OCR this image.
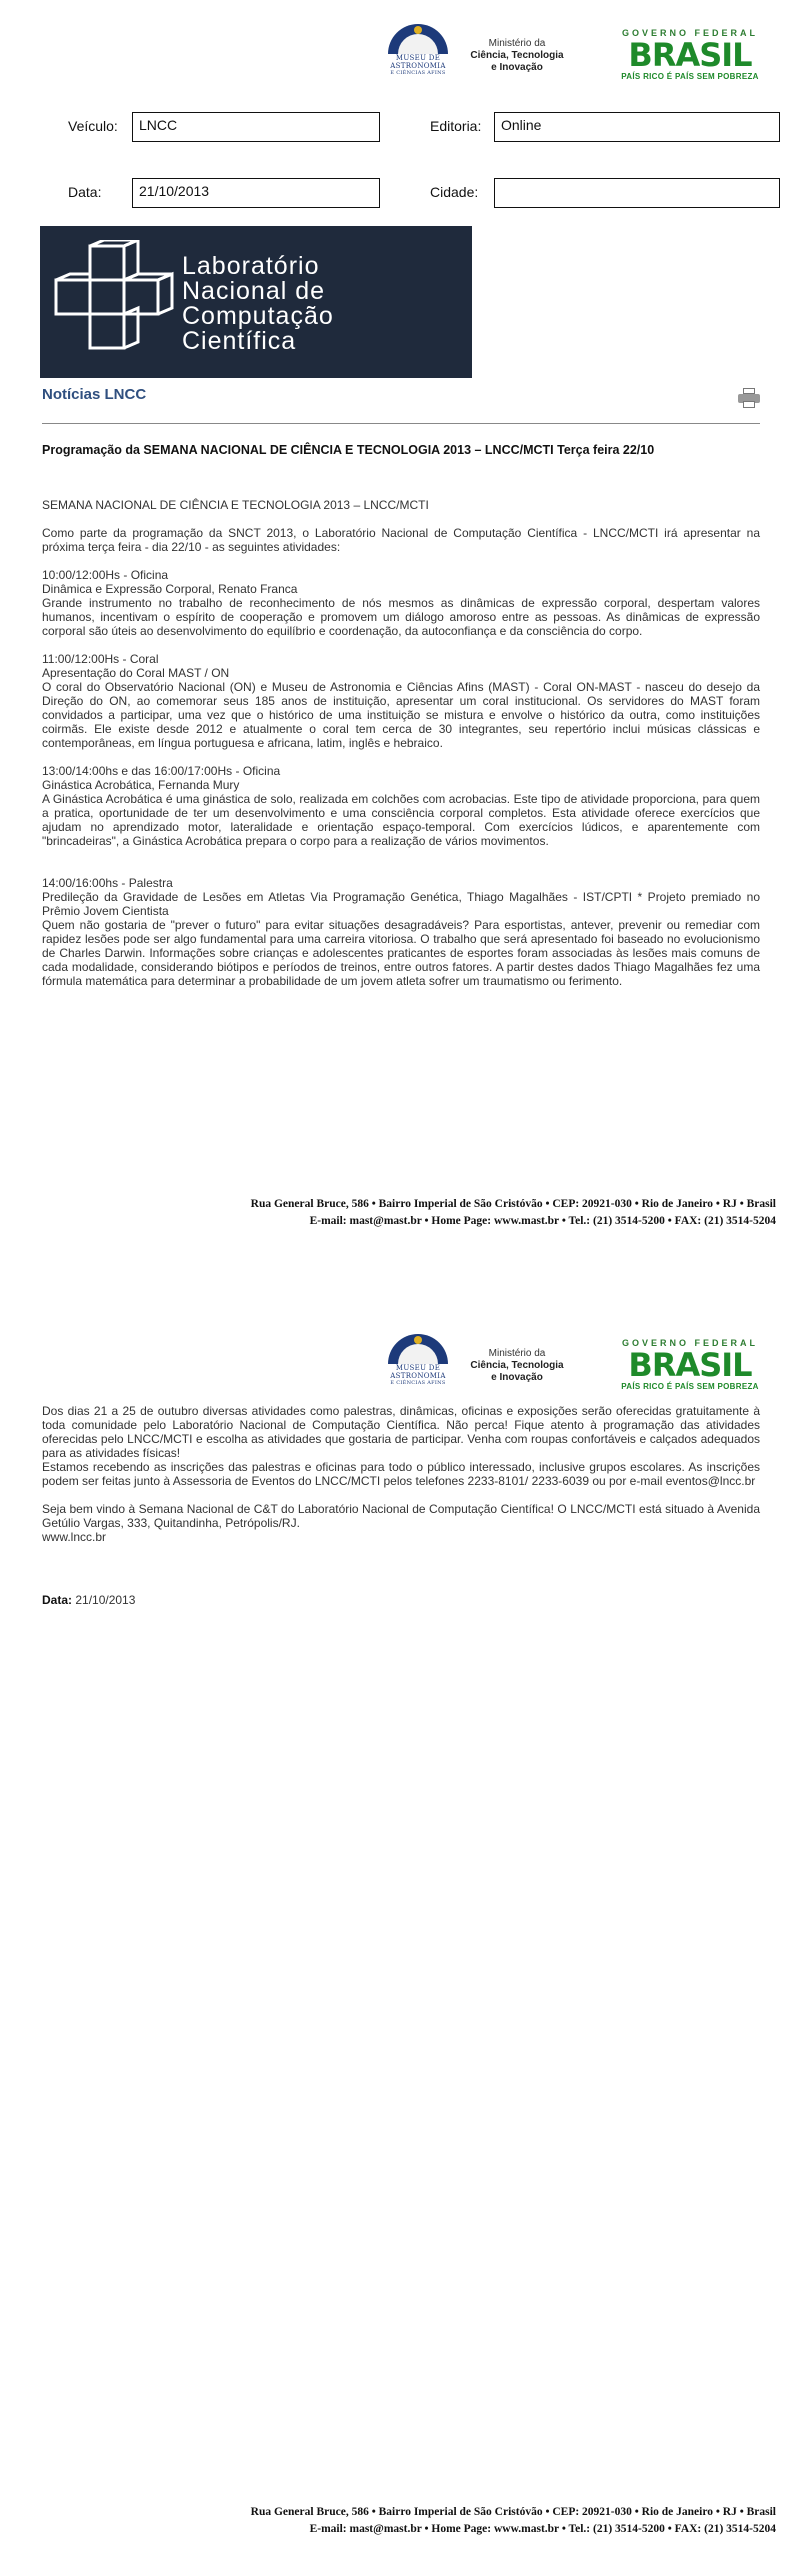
MUSEU DE
ASTRONOMIA
E CIÊNCIAS AFINS
Ministério da
Ciência, Tecnologia
e Inovação
GOVERNO FEDERAL
BRASIL
PAÍS RICO É PAÍS SEM POBREZA
Veículo:	LNCC	Editoria:	Online
Data:	21/10/2013	Cidade:
Laboratório
Nacional de
Computação
Científica
Notícias LNCC
Programação da SEMANA NACIONAL DE CIÊNCIA E TECNOLOGIA 2013 – LNCC/MCTI Terça feira 22/10

SEMANA NACIONAL DE CIÊNCIA E TECNOLOGIA 2013 – LNCC/MCTI

Como parte da programação da SNCT 2013, o Laboratório Nacional de Computação Científica - LNCC/MCTI irá apresentar na próxima terça feira - dia 22/10 - as seguintes atividades:

10:00/12:00Hs - Oficina
Dinâmica e Expressão Corporal, Renato Franca
Grande instrumento no trabalho de reconhecimento de nós mesmos as dinâmicas de expressão corporal, despertam valores humanos, incentivam o espírito de cooperação e promovem um diálogo amoroso entre as pessoas. As dinâmicas de expressão corporal são úteis ao desenvolvimento do equilíbrio e coordenação, da autoconfiança e da consciência do corpo.

11:00/12:00Hs - Coral
Apresentação do Coral MAST / ON
O coral do Observatório Nacional (ON) e Museu de Astronomia e Ciências Afins (MAST) - Coral ON-MAST - nasceu do desejo da Direção do ON, ao comemorar seus 185 anos de instituição, apresentar um coral institucional. Os servidores do MAST foram convidados a participar, uma vez que o histórico de uma instituição se mistura e envolve o histórico da outra, como instituições coirmãs. Ele existe desde 2012 e atualmente o coral tem cerca de 30 integrantes, seu repertório inclui músicas clássicas e contemporâneas, em língua portuguesa e africana, latim, inglês e hebraico.

13:00/14:00hs e das 16:00/17:00Hs - Oficina
Ginástica Acrobática, Fernanda Mury
A Ginástica Acrobática é uma ginástica de solo, realizada em colchões com acrobacias. Este tipo de atividade proporciona, para quem a pratica, oportunidade de ter um desenvolvimento e uma consciência corporal completos. Esta atividade oferece exercícios que ajudam no aprendizado motor, lateralidade e orientação espaço-temporal. Com exercícios lúdicos, e aparentemente com "brincadeiras", a Ginástica Acrobática prepara o corpo para a realização de vários movimentos.

14:00/16:00hs - Palestra
Predileção da Gravidade de Lesões em Atletas Via Programação Genética, Thiago Magalhães - IST/CPTI * Projeto premiado no Prêmio Jovem Cientista
Quem não gostaria de "prever o futuro" para evitar situações desagradáveis? Para esportistas, antever, prevenir ou remediar com rapidez lesões pode ser algo fundamental para uma carreira vitoriosa. O trabalho que será apresentado foi baseado no evolucionismo de Charles Darwin. Informações sobre crianças e adolescentes praticantes de esportes foram associadas às lesões mais comuns de cada modalidade, considerando biótipos e períodos de treinos, entre outros fatores. A partir destes dados Thiago Magalhães fez uma fórmula matemática para determinar a probabilidade de um jovem atleta sofrer um traumatismo ou ferimento.

Rua General Bruce, 586 • Bairro Imperial de São Cristóvão • CEP: 20921-030 • Rio de Janeiro • RJ • Brasil
E-mail: mast@mast.br • Home Page: www.mast.br • Tel.: (21) 3514-5200 • FAX: (21) 3514-5204
MUSEU DE
ASTRONOMIA
E CIÊNCIAS AFINS
Ministério da
Ciência, Tecnologia
e Inovação
GOVERNO FEDERAL
BRASIL
PAÍS RICO É PAÍS SEM POBREZA

Dos dias 21 a 25 de outubro diversas atividades como palestras, dinâmicas, oficinas e exposições serão oferecidas gratuitamente à toda comunidade pelo Laboratório Nacional de Computação Científica. Não perca! Fique atento à programação das atividades oferecidas pelo LNCC/MCTI e escolha as atividades que gostaria de participar. Venha com roupas confortáveis e calçados adequados para as atividades físicas!
Estamos recebendo as inscrições das palestras e oficinas para todo o público interessado, inclusive grupos escolares. As inscrições podem ser feitas junto à Assessoria de Eventos do LNCC/MCTI pelos telefones 2233-8101/ 2233-6039 ou por e-mail eventos@lncc.br

Seja bem vindo à Semana Nacional de C&T do Laboratório Nacional de Computação Científica! O LNCC/MCTI está situado à Avenida Getúlio Vargas, 333, Quitandinha, Petrópolis/RJ.
www.lncc.br

Data: 21/10/2013
Rua General Bruce, 586 • Bairro Imperial de São Cristóvão • CEP: 20921-030 • Rio de Janeiro • RJ • Brasil
E-mail: mast@mast.br • Home Page: www.mast.br • Tel.: (21) 3514-5200 • FAX: (21) 3514-5204
